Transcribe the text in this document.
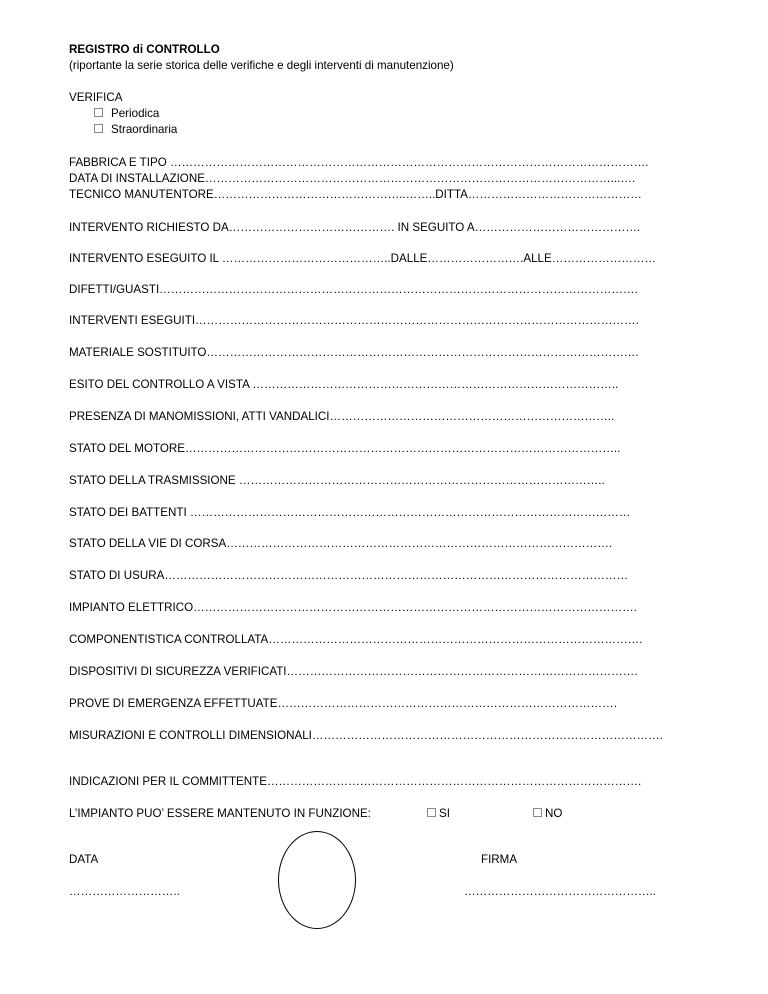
REGISTRO di CONTROLLO
(riportante la serie storica delle verifiche e degli interventi di manutenzione)
VERIFICA
Periodica
Straordinaria
FABBRICA E TIPO …………………………………………………………………………………………………………….
DATA DI INSTALLAZIONE……………………………………………………………………………………………...….
TECNICO MANUTENTORE…………………………………………..……..DITTA………………………………………
INTERVENTO RICHIESTO DA……………………………………. IN SEGUITO A…………………………………….
INTERVENTO ESEGUITO IL ……………………………………..DALLE…………………….ALLE………………………
DIFETTI/GUASTI…………………………………………………………………………………………………………….
INTERVENTI ESEGUITI…………………………………………………………………………………………………….
MATERIALE SOSTITUITO………………………………………………………………………………………………….
ESITO DEL CONTROLLO A VISTA …………………………………………………………………………………..
PRESENZA DI MANOMISSIONI, ATTI VANDALICI………………………………………………………………..
STATO DEL MOTORE…………………………………………………………………………………………………..
STATO DELLA TRASMISSIONE …………………………………………………………………………………..
STATO DEI BATTENTI ……………………………………………………………………………………………………
STATO DELLA VIE DI CORSA……………………………………………………………………………………….
STATO DI USURA…………………………………………………………………………………………………………
IMPIANTO ELETTRICO…………………………………………………………………………………………………….
COMPONENTISTICA CONTROLLATA…………………………………………………………………………………….
DISPOSITIVI DI SICUREZZA VERIFICATI……………………………………………………………………………….
PROVE DI EMERGENZA EFFETTUATE…………………………………………………………………………….
MISURAZIONI E CONTROLLI DIMENSIONALI……………………………………………………………………………….
INDICAZIONI PER IL COMMITTENTE…………………………………………………………………………………….
L’IMPIANTO PUO’ ESSERE MANTENUTO IN FUNZIONE:	SI	NO
DATA
………………………..
FIRMA
…………………………………………..
